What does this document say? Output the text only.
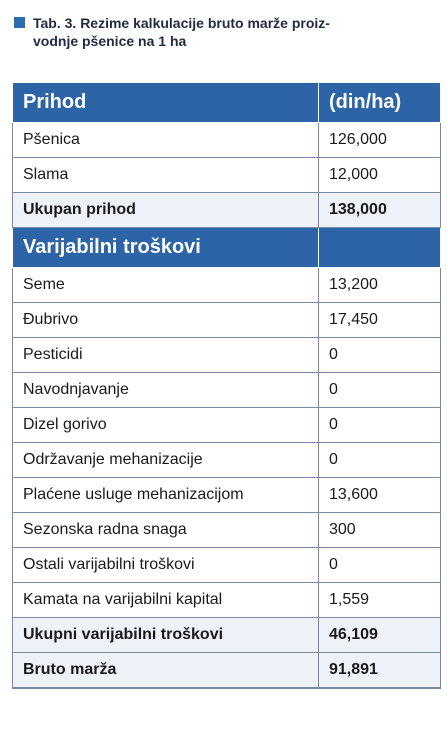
Tab. 3. Rezime kalkulacije bruto marže proiz-
vodnje pšenice na 1 ha
Prihod	(din/ha)
Pšenica	126,000
Slama	12,000
Ukupan prihod	138,000
Varijabilni troškovi	
Seme	13,200
Đubrivo	17,450
Pesticidi	0
Navodnjavanje	0
Dizel gorivo	0
Održavanje mehanizacije	0
Plaćene usluge mehanizacijom	13,600
Sezonska radna snaga	300
Ostali varijabilni troškovi	0
Kamata na varijabilni kapital	1,559
Ukupni varijabilni troškovi	46,109
Bruto marža	91,891
